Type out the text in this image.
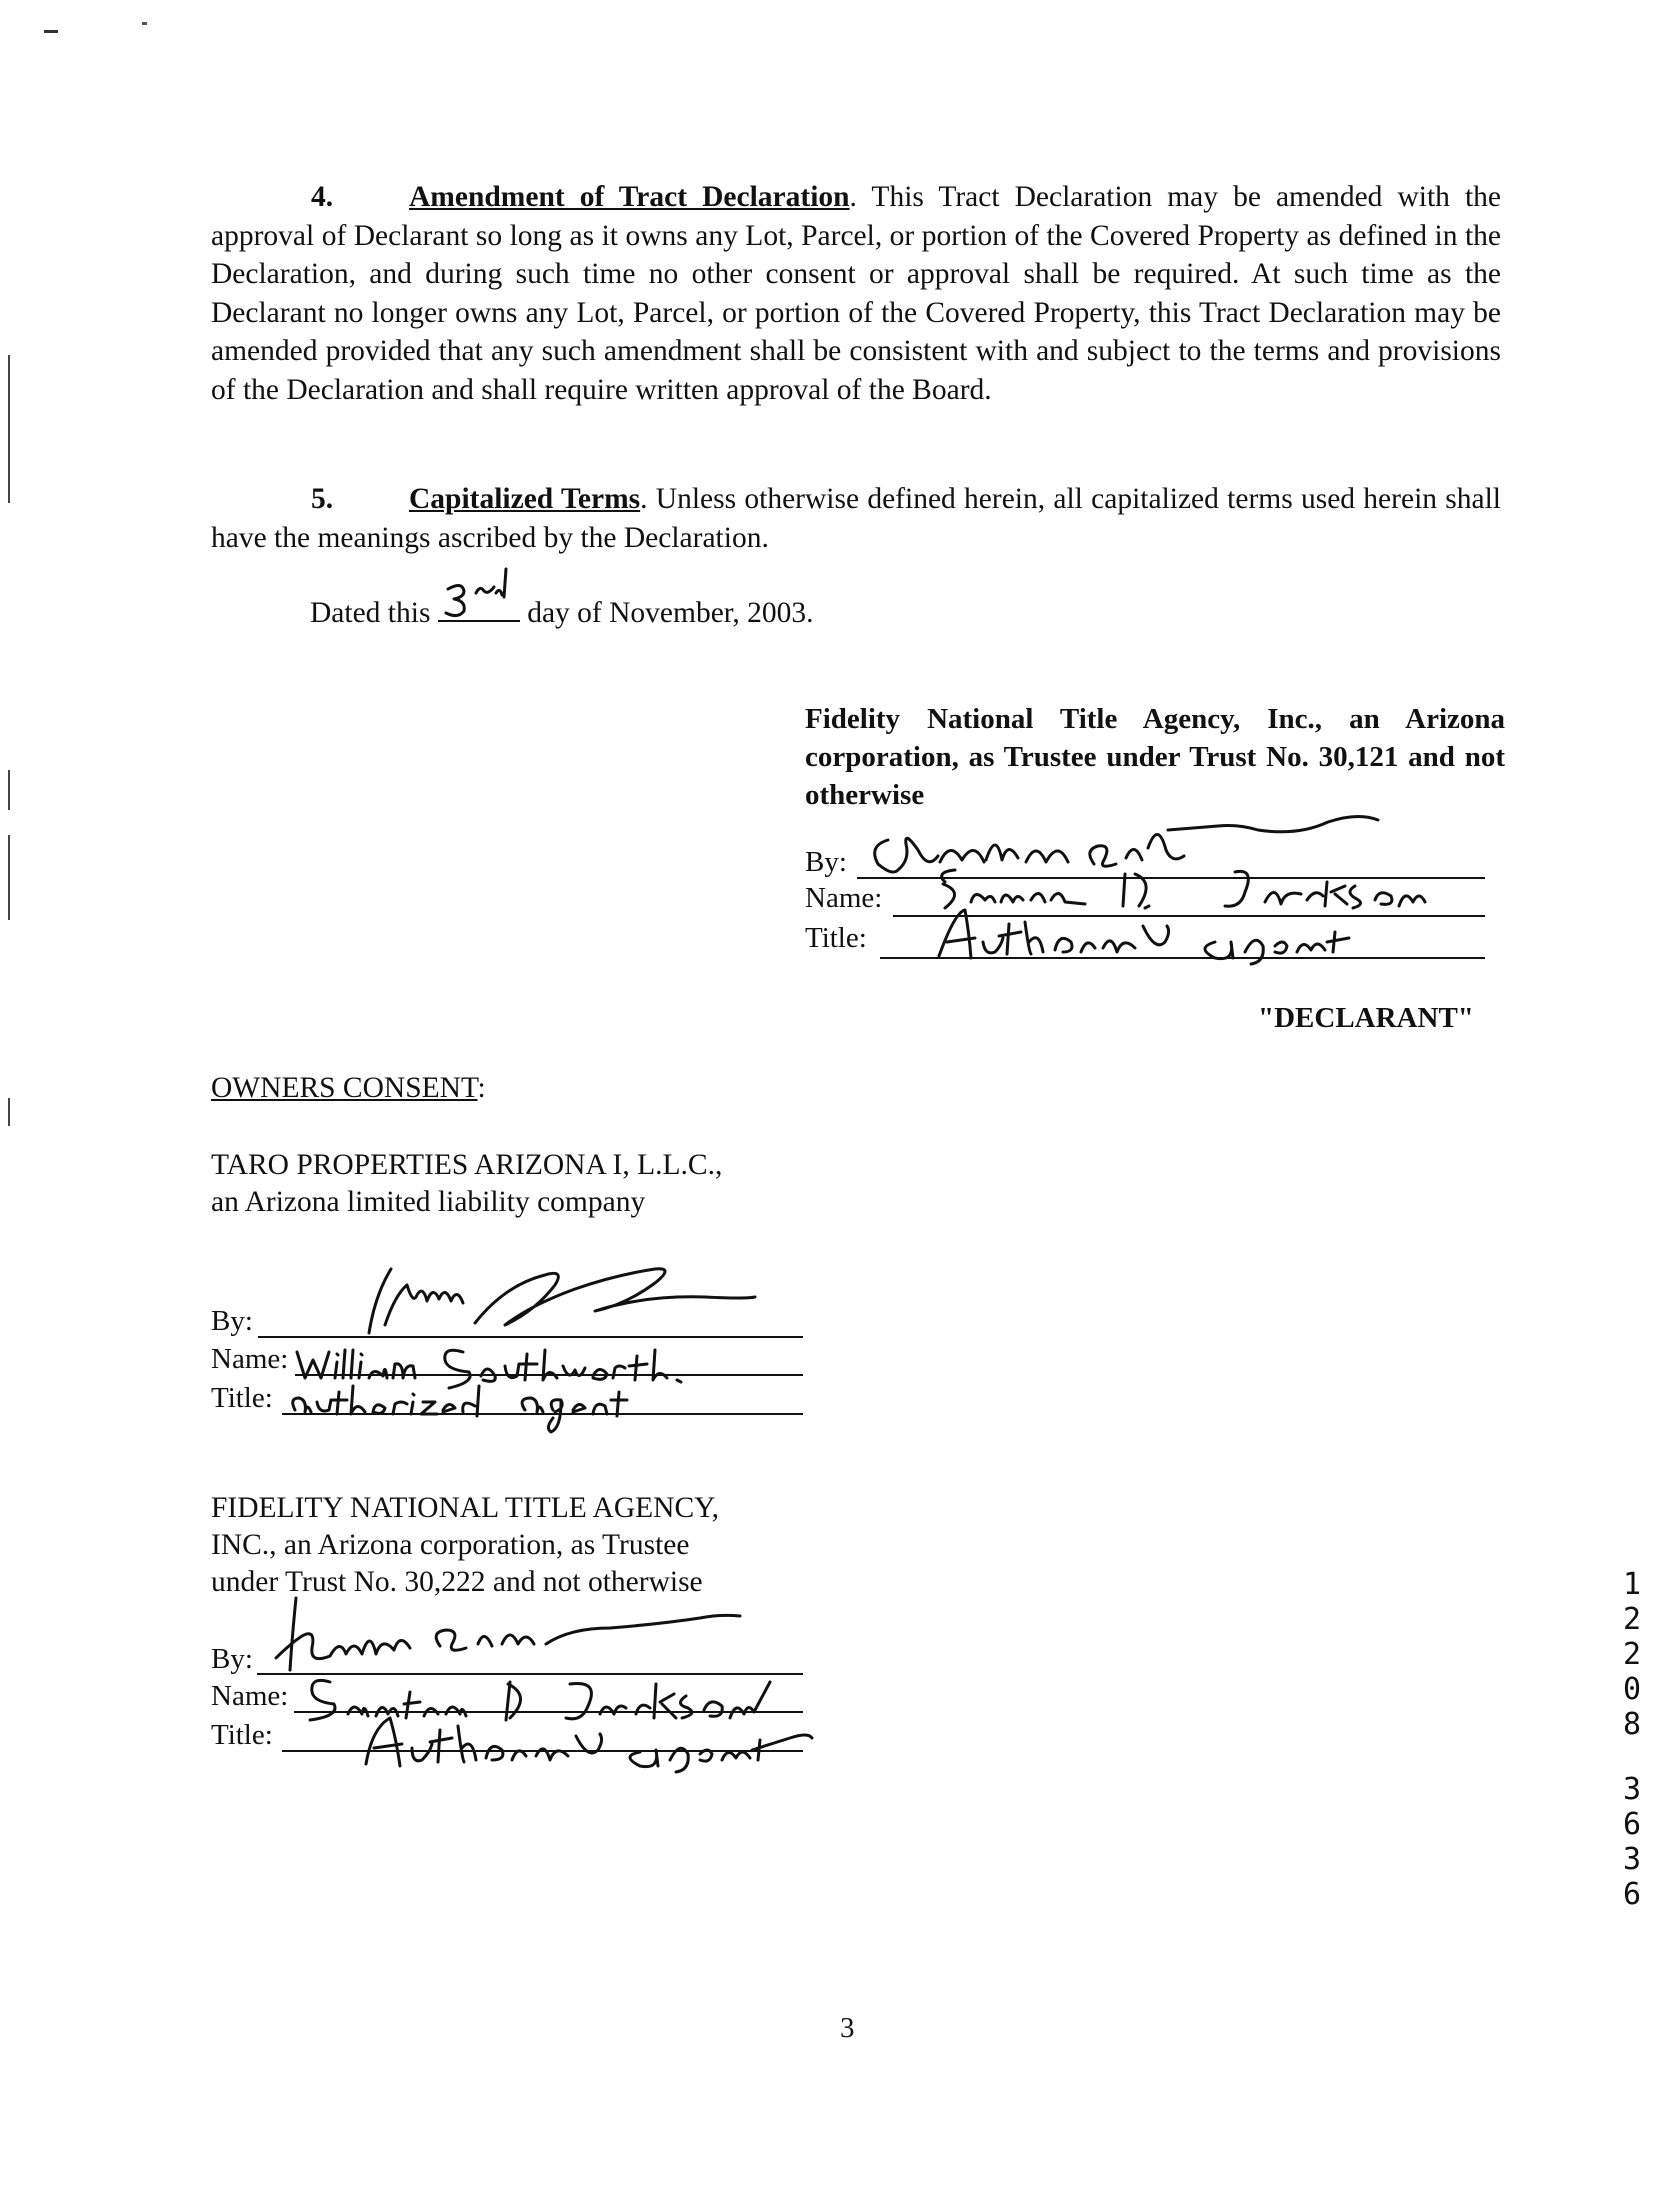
4.	Amendment of Tract Declaration. This Tract Declaration may be amended with the approval of Declarant so long as it owns any Lot, Parcel, or portion of the Covered Property as defined in the Declaration, and during such time no other consent or approval shall be required. At such time as the Declarant no longer owns any Lot, Parcel, or portion of the Covered Property, this Tract Declaration may be amended provided that any such amendment shall be consistent with and subject to the terms and provisions of the Declaration and shall require written approval of the Board.

5.	Capitalized Terms. Unless otherwise defined herein, all capitalized terms used herein shall have the meanings ascribed by the Declaration.

Dated this	day of November, 2003.
Fidelity National Title Agency, Inc., an Arizona corporation, as Trustee under Trust No. 30,121 and not otherwise
By:
Name:
Title:
"DECLARANT"
OWNERS CONSENT:
TARO PROPERTIES ARIZONA I, L.L.C.,
an Arizona limited liability company
By:
Name:
Title:
FIDELITY NATIONAL TITLE AGENCY,
INC., an Arizona corporation, as Trustee
under Trust No. 30,222 and not otherwise
By:
Name:
Title:
1
2
2
0
8
3
6
3
6
3
